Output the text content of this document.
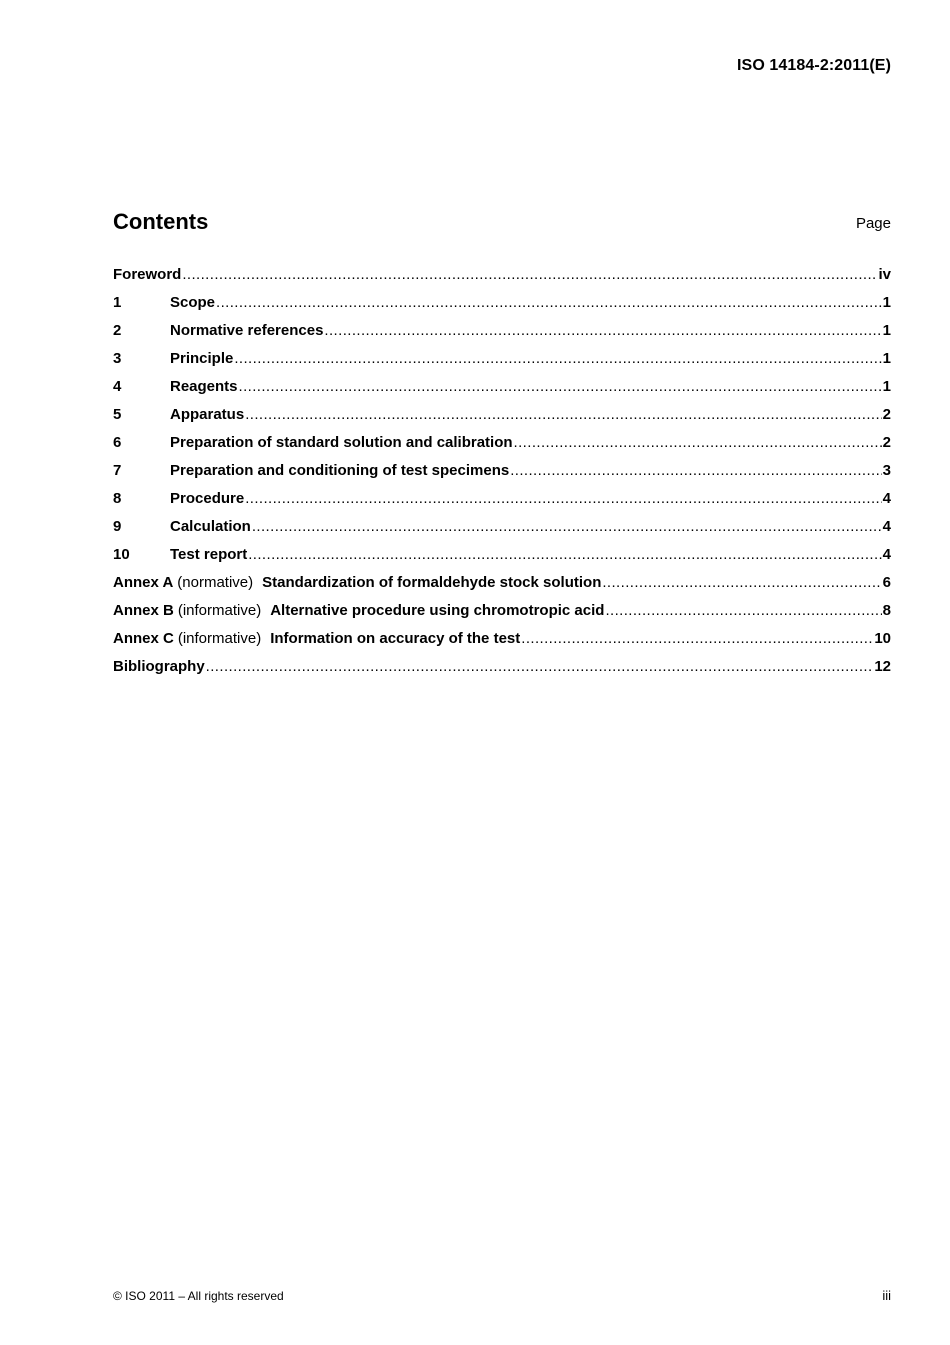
ISO 14184-2:2011(E)
Contents	Page
Foreword .....	iv
1	Scope .....	1
2	Normative references .....	1
3	Principle .....	1
4	Reagents .....	1
5	Apparatus .....	2
6	Preparation of standard solution and calibration .....	2
7	Preparation and conditioning of test specimens .....	3
8	Procedure .....	4
9	Calculation .....	4
10	Test report .....	4
Annex A (normative) Standardization of formaldehyde stock solution .....	6
Annex B (informative) Alternative procedure using chromotropic acid .....	8
Annex C (informative) Information on accuracy of the test .....	10
Bibliography .....	12
© ISO 2011 – All rights reserved	iii
